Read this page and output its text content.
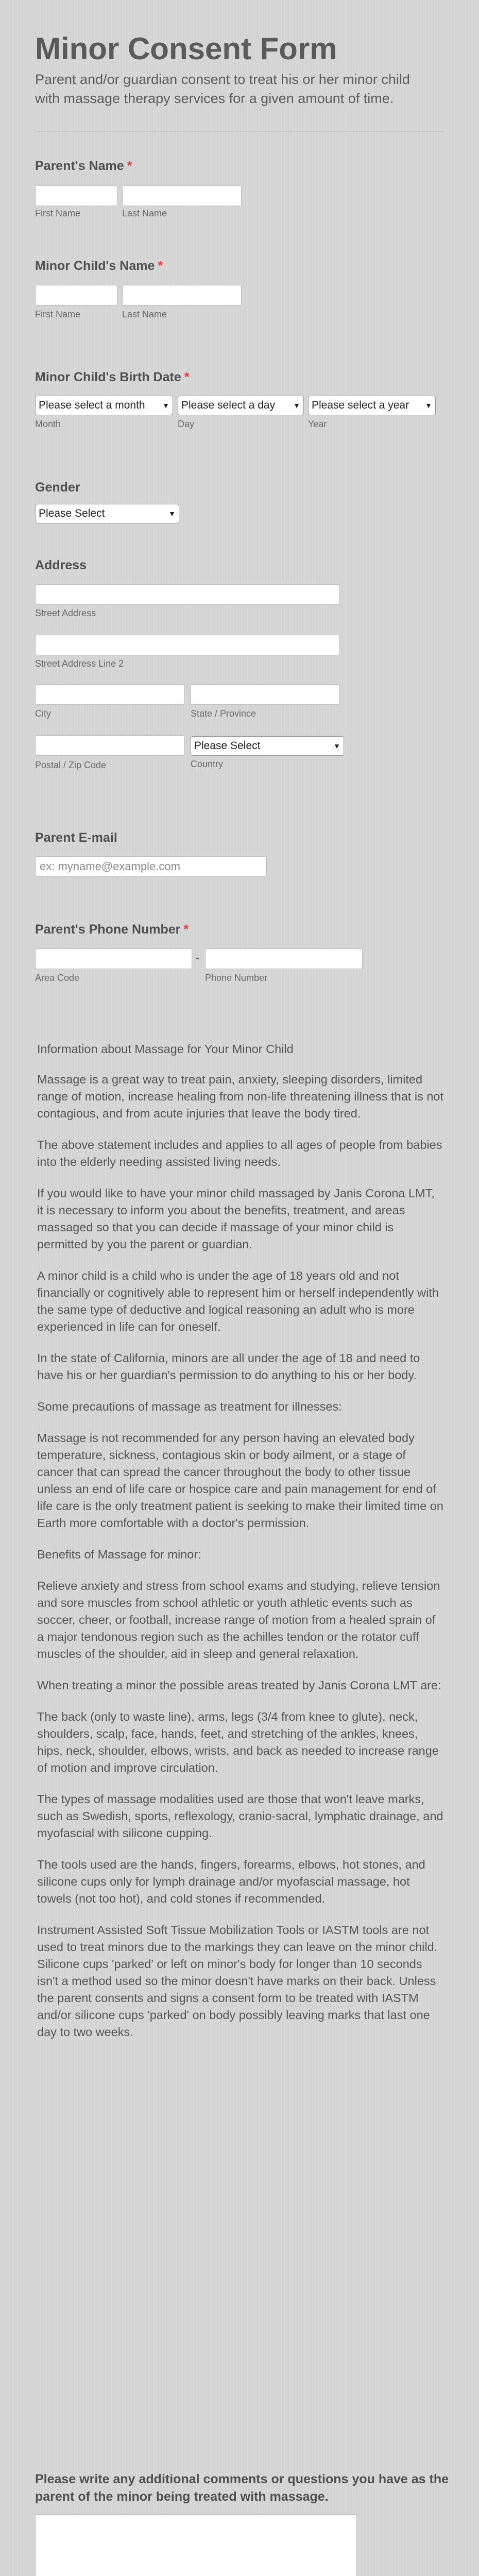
Minor Consent Form

Parent and/or guardian consent to treat his or her minor child with massage therapy services for a given amount of time.

Parent's Name *
First Name	Last Name
Minor Child's Name *
First Name	Last Name
Minor Child's Birth Date *
Please select a month ▼ Please select a day	▼ Please select a year ▼
Month	Day	Year
Gender
Please Select	▼
Address
Street Address
Street Address Line 2
City	State / Province
Please Select	▼
Postal / Zip Code	Country
Parent E-mail
ex: myname@example.com
Parent's Phone Number *
-
Area Code	Phone Number

Information about Massage for Your Minor Child

Massage is a great way to treat pain, anxiety, sleeping disorders, limited range of motion, increase healing from non-life threatening illness that is not contagious, and from acute injuries that leave the body tired.

The above statement includes and applies to all ages of people from babies into the elderly needing assisted living needs.

If you would like to have your minor child massaged by Janis Corona LMT, it is necessary to inform you about the benefits, treatment, and areas massaged so that you can decide if massage of your minor child is permitted by you the parent or guardian.

A minor child is a child who is under the age of 18 years old and not financially or cognitively able to represent him or herself independently with the same type of deductive and logical reasoning an adult who is more experienced in life can for oneself.

In the state of California, minors are all under the age of 18 and need to have his or her guardian's permission to do anything to his or her body.

Some precautions of massage as treatment for illnesses:

Massage is not recommended for any person having an elevated body temperature, sickness, contagious skin or body ailment, or a stage of cancer that can spread the cancer throughout the body to other tissue unless an end of life care or hospice care and pain management for end of life care is the only treatment patient is seeking to make their limited time on Earth more comfortable with a doctor's permission.

Benefits of Massage for minor:

Relieve anxiety and stress from school exams and studying, relieve tension and sore muscles from school athletic or youth athletic events such as soccer, cheer, or football, increase range of motion from a healed sprain of a major tendonous region such as the achilles tendon or the rotator cuff muscles of the shoulder, aid in sleep and general relaxation.

When treating a minor the possible areas treated by Janis Corona LMT are:

The back (only to waste line), arms, legs (3/4 from knee to glute), neck, shoulders, scalp, face, hands, feet, and stretching of the ankles, knees, hips, neck, shoulder, elbows, wrists, and back as needed to increase range of motion and improve circulation.

The types of massage modalities used are those that won't leave marks, such as Swedish, sports, reflexology, cranio-sacral, lymphatic drainage, and myofascial with silicone cupping.

The tools used are the hands, fingers, forearms, elbows, hot stones, and silicone cups only for lymph drainage and/or myofascial massage, hot towels (not too hot), and cold stones if recommended.

Instrument Assisted Soft Tissue Mobilization Tools or IASTM tools are not used to treat minors due to the markings they can leave on the minor child. Silicone cups 'parked' or left on minor's body for longer than 10 seconds isn't a method used so the minor doesn't have marks on their back. Unless the parent consents and signs a consent form to be treated with IASTM and/or silicone cups 'parked' on body possibly leaving marks that last one day to two weeks.

Please write any additional comments or questions you have as the parent of the minor being treated with massage.
